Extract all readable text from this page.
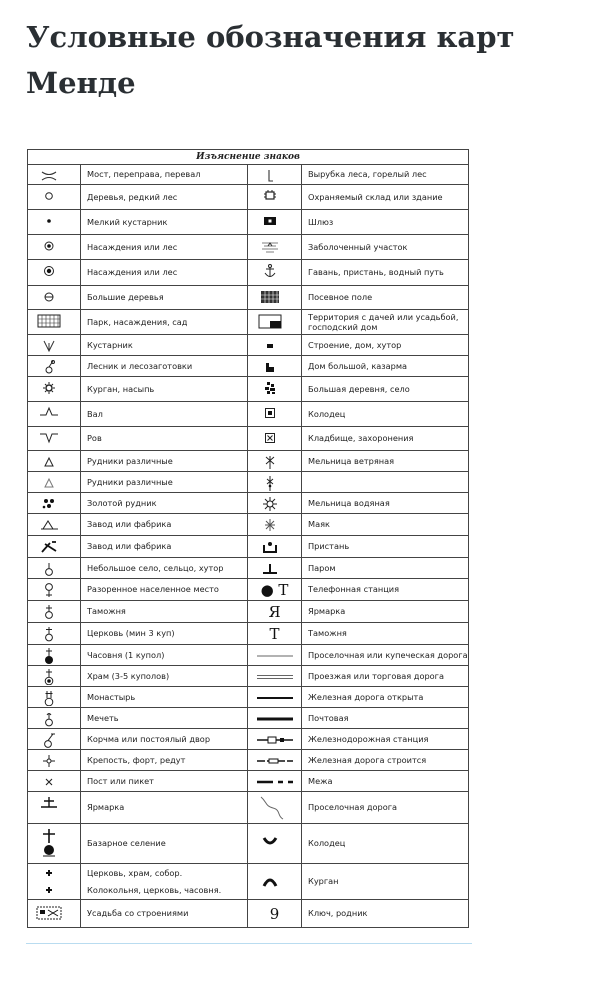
Условные обозначения карт Менде
Изъяснение знаков			

Мост, переправа, перевал		Вырубка леса, горелый лес

Деревья, редкий лес		Охраняемый склад или здание

Мелкий кустарник		Шлюз

Насаждения или лес		Заболоченный участок

Насаждения или лес		Гавань, пристань, водный путь

Большие деревья		Посевное поле

Парк, насаждения, сад		Территория с дачей или усадьбой, господский дом

Кустарник		Строение, дом, хутор

Лесник и лесозаготовки		Дом большой, казарма

Курган, насыпь		Большая деревня, село

Вал		Колодец

Ров		Кладбище, захоронения

Рудники различные		Мельница ветряная

Рудники различные

Золотой рудник		Мельница водяная

Завод или фабрика		Маяк

Завод или фабрика		Пристань

Небольшое село, сельцо, хутор		Паром

Разоренное населенное место	● T	Телефонная станция

Таможня	Я	Ярмарка

Церковь (мин 3 куп)	T	Таможня

Часовня (1 купол)		Проселочная или купеческая дорога

Храм (3-5 куполов)		Проезжая или торговая дорога

Монастырь		Железная дорога открыта

Мечеть		Почтовая

Корчма или постоялый двор		Железнодорожная станция

Крепость, форт, редут		Железная дорога строится

Пост или пикет		Межа

Ярмарка		Проселочная дорога

Базарное селение		Колодец

Церковь, храм, собор.
Колокольня, церковь, часовня.		Курган

Усадьба со строениями	9	Ключ, родник
